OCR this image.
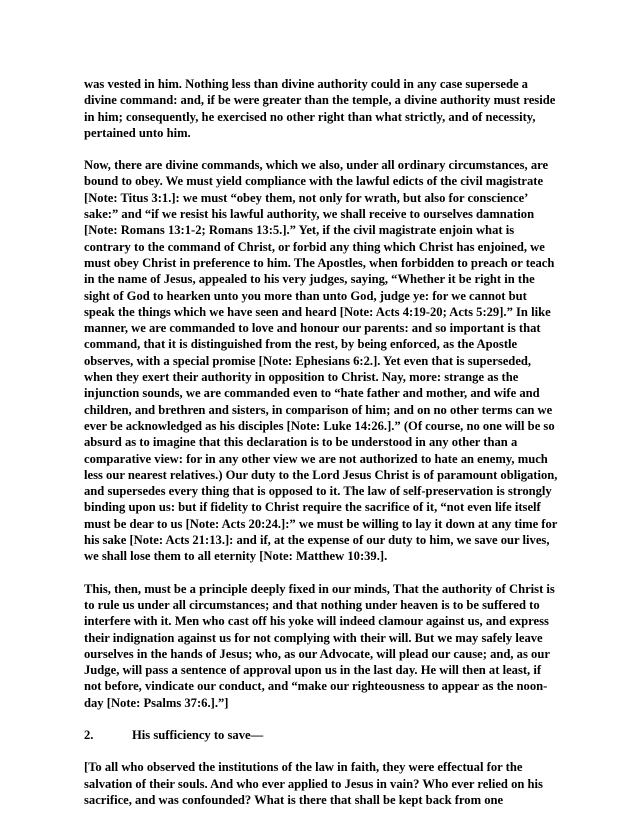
was vested in him. Nothing less than divine authority could in any case supersede a divine command: and, if be were greater than the temple, a divine authority must reside in him; consequently, he exercised no other right than what strictly, and of necessity, pertained unto him.

Now, there are divine commands, which we also, under all ordinary circumstances, are bound to obey. We must yield compliance with the lawful edicts of the civil magistrate [Note: Titus 3:1.]: we must “obey them, not only for wrath, but also for conscience’ sake:” and “if we resist his lawful authority, we shall receive to ourselves damnation [Note: Romans 13:1-2; Romans 13:5.].” Yet, if the civil magistrate enjoin what is contrary to the command of Christ, or forbid any thing which Christ has enjoined, we must obey Christ in preference to him. The Apostles, when forbidden to preach or teach in the name of Jesus, appealed to his very judges, saying, “Whether it be right in the sight of God to hearken unto you more than unto God, judge ye: for we cannot but speak the things which we have seen and heard [Note: Acts 4:19-20; Acts 5:29].” In like manner, we are commanded to love and honour our parents: and so important is that command, that it is distinguished from the rest, by being enforced, as the Apostle observes, with a special promise [Note: Ephesians 6:2.]. Yet even that is superseded, when they exert their authority in opposition to Christ. Nay, more: strange as the injunction sounds, we are commanded even to “hate father and mother, and wife and children, and brethren and sisters, in comparison of him; and on no other terms can we ever be acknowledged as his disciples [Note: Luke 14:26.].” (Of course, no one will be so absurd as to imagine that this declaration is to be understood in any other than a comparative view: for in any other view we are not authorized to hate an enemy, much less our nearest relatives.) Our duty to the Lord Jesus Christ is of paramount obligation, and supersedes every thing that is opposed to it. The law of self-preservation is strongly binding upon us: but if fidelity to Christ require the sacrifice of it, “not even life itself must be dear to us [Note: Acts 20:24.]:” we must be willing to lay it down at any time for his sake [Note: Acts 21:13.]: and if, at the expense of our duty to him, we save our lives, we shall lose them to all eternity [Note: Matthew 10:39.].

This, then, must be a principle deeply fixed in our minds, That the authority of Christ is to rule us under all circumstances; and that nothing under heaven is to be suffered to interfere with it. Men who cast off his yoke will indeed clamour against us, and express their indignation against us for not complying with their will. But we may safely leave ourselves in the hands of Jesus; who, as our Advocate, will plead our cause; and, as our Judge, will pass a sentence of approval upon us in the last day. He will then at least, if not before, vindicate our conduct, and “make our righteousness to appear as the noon-day [Note: Psalms 37:6.].”]

2.	His sufficiency to save—

[To all who observed the institutions of the law in faith, they were effectual for the salvation of their souls. And who ever applied to Jesus in vain? Who ever relied on his sacrifice, and was confounded? What is there that shall be kept back from one
